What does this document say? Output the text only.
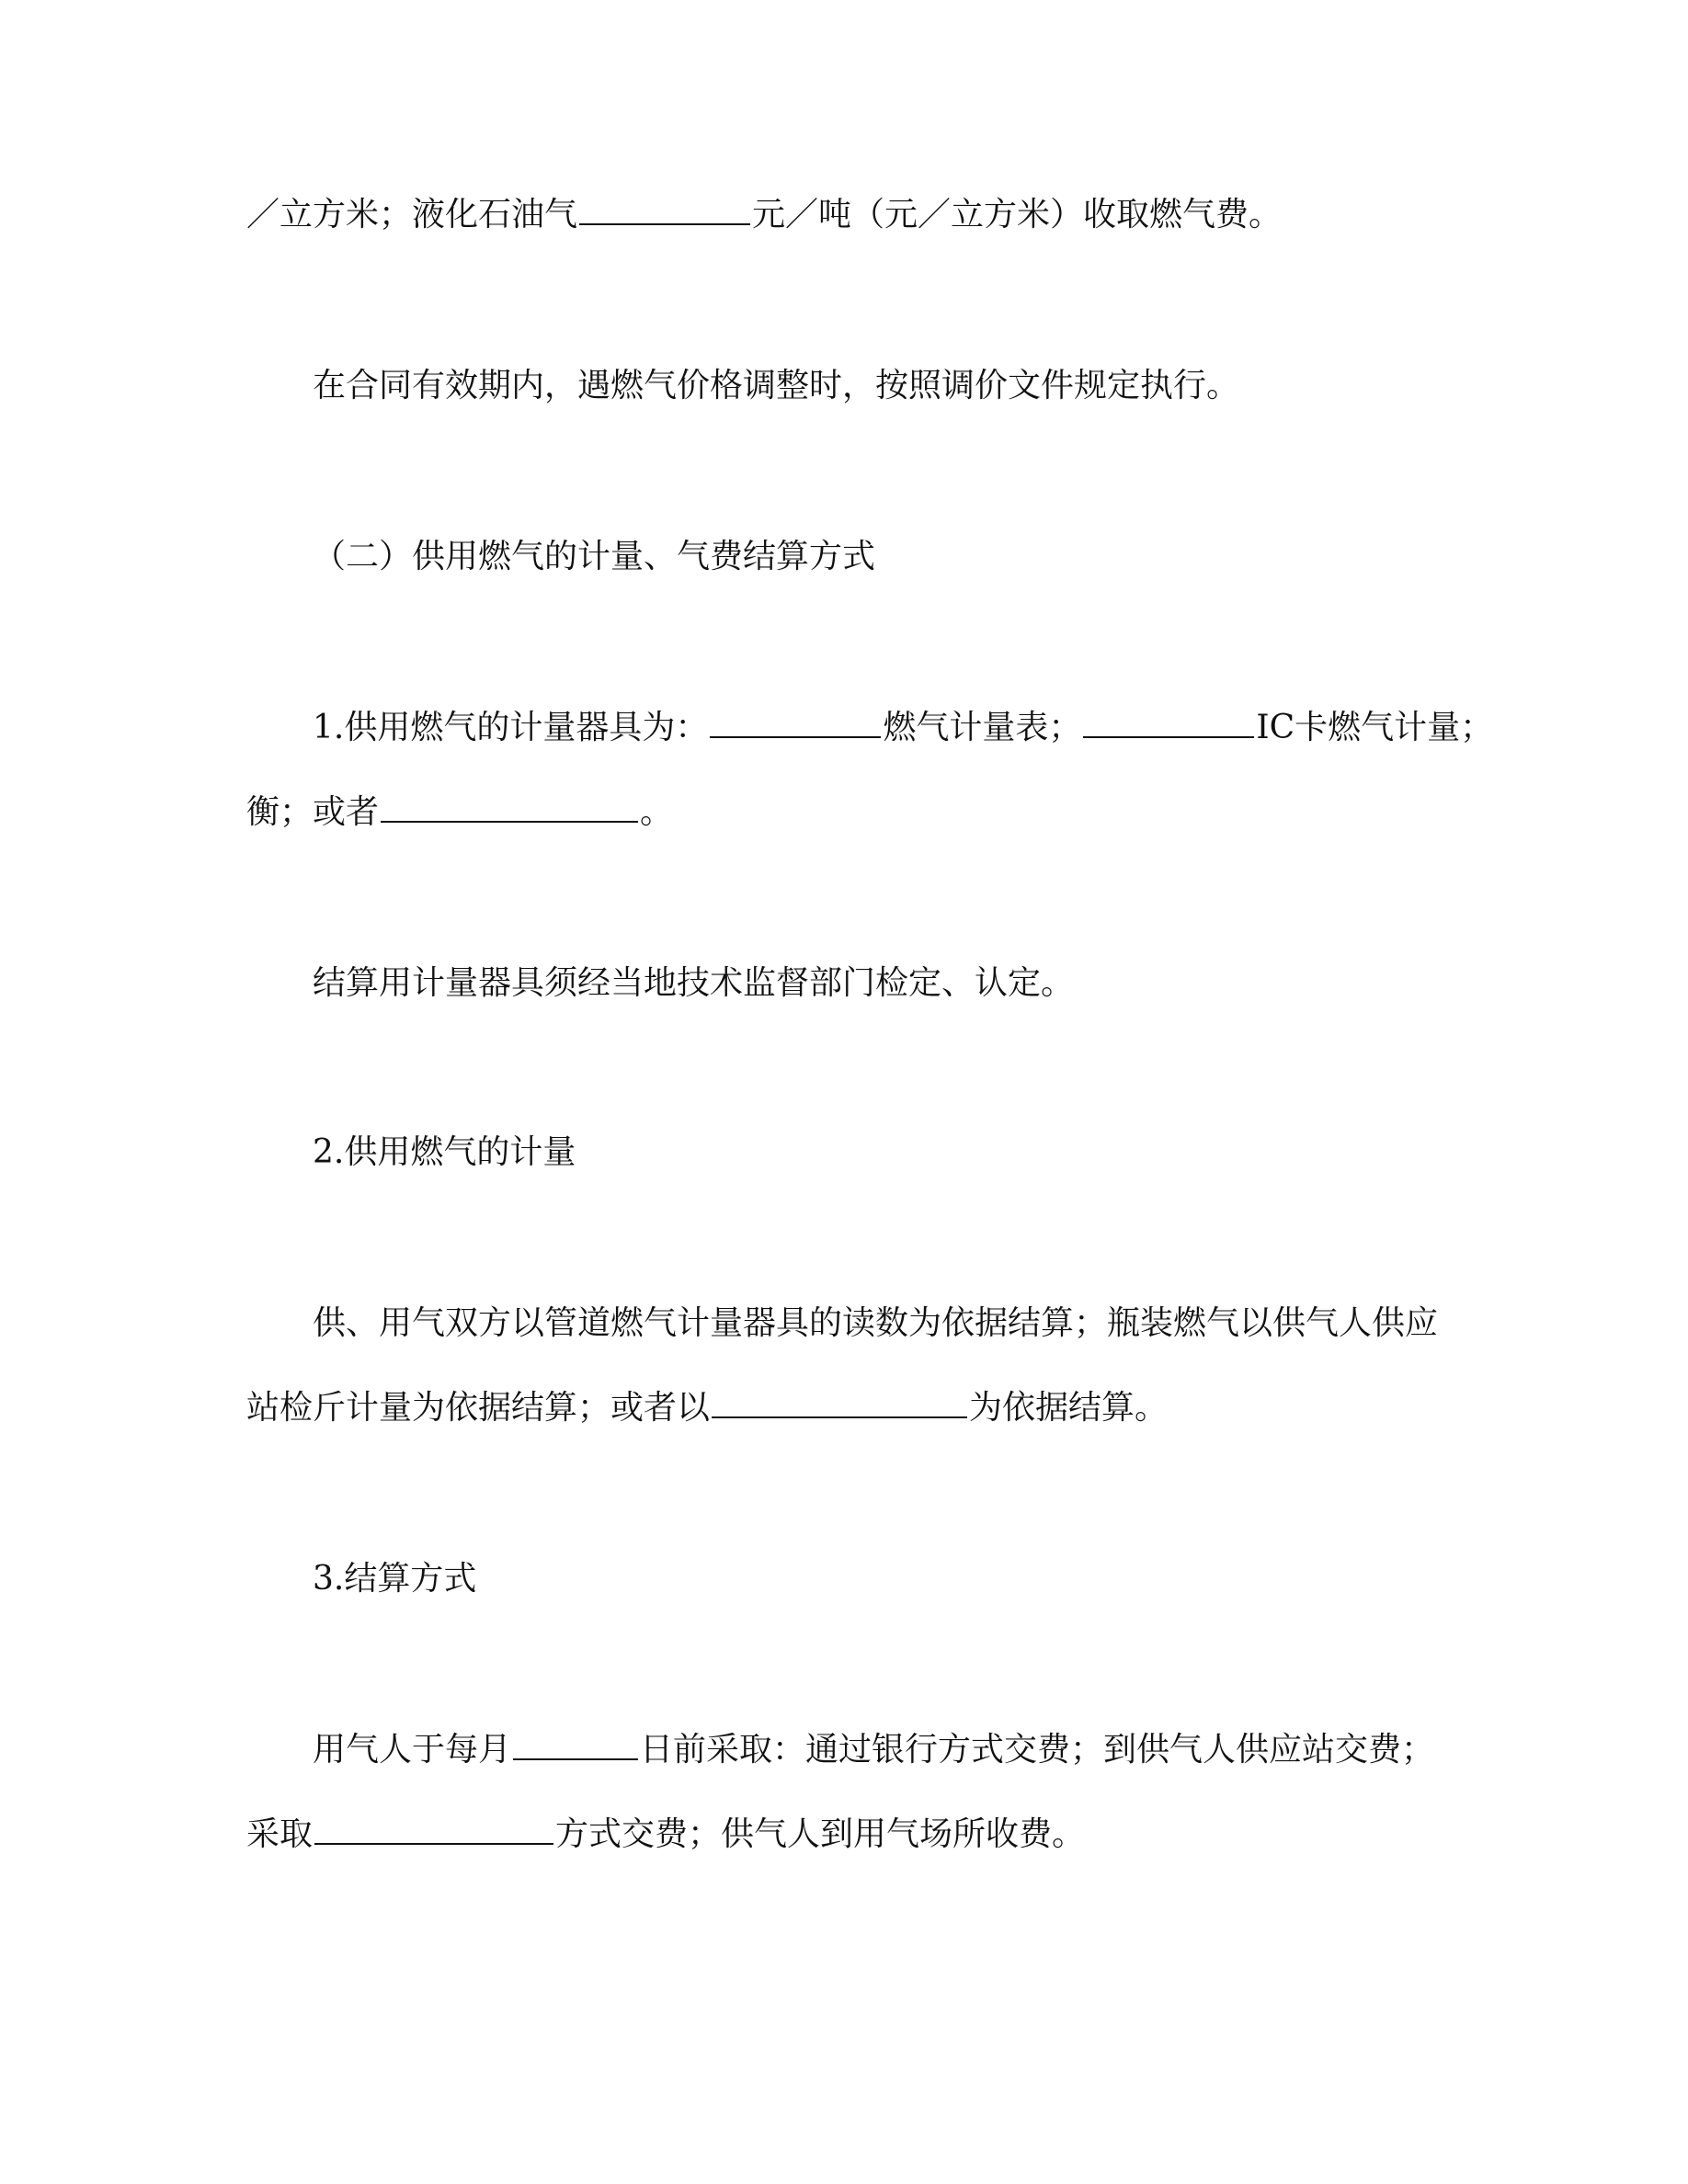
／立方米；液化石油气	元／吨（元／立方米）收取燃气费。
在合同有效期内，遇燃气价格调整时，按照调价文件规定执行。
（二）供用燃气的计量、气费结算方式
1.供用燃气的计量器具为：	燃气计量表；	IC卡燃气计量；
衡；或者	。
结算用计量器具须经当地技术监督部门检定、认定。
2.供用燃气的计量
供、用气双方以管道燃气计量器具的读数为依据结算；瓶装燃气以供气人供应
站检斤计量为依据结算；或者以	为依据结算。
3.结算方式
用气人于每月	日前采取：通过银行方式交费；到供气人供应站交费；
采取	方式交费；供气人到用气场所收费。
